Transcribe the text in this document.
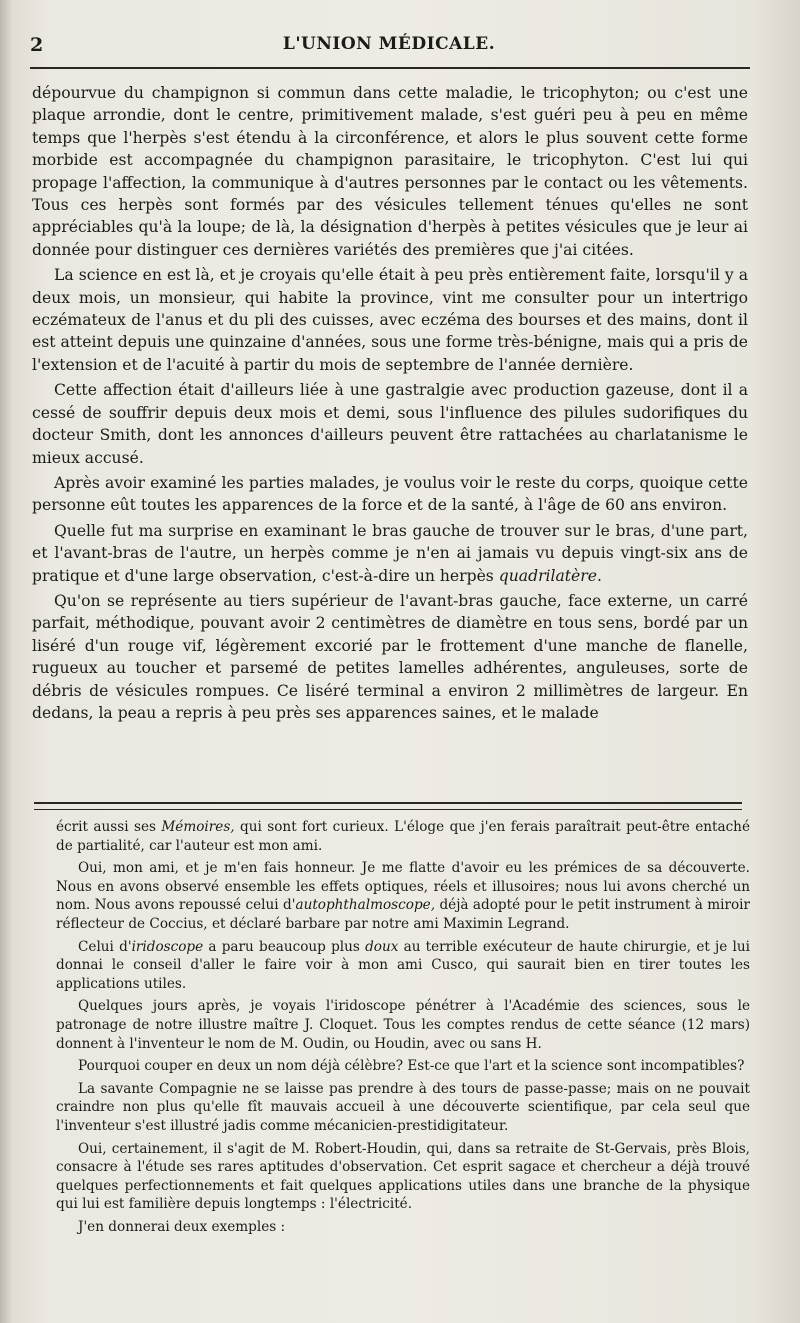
2	L'UNION MÉDICALE.

dépourvue du champignon si commun dans cette maladie, le tricophyton; ou c'est une plaque arrondie, dont le centre, primitivement malade, s'est guéri peu à peu en même temps que l'herpès s'est étendu à la circonférence, et alors le plus souvent cette forme morbide est accompagnée du champignon parasitaire, le tricophyton. C'est lui qui propage l'affection, la communique à d'autres personnes par le contact ou les vêtements. Tous ces herpès sont formés par des vésicules tellement ténues qu'elles ne sont appréciables qu'à la loupe; de là, la désignation d'herpès à petites vésicules que je leur ai donnée pour distinguer ces dernières variétés des premières que j'ai citées.

La science en est là, et je croyais qu'elle était à peu près entièrement faite, lorsqu'il y a deux mois, un monsieur, qui habite la province, vint me consulter pour un intertrigo eczémateux de l'anus et du pli des cuisses, avec eczéma des bourses et des mains, dont il est atteint depuis une quinzaine d'années, sous une forme très-bénigne, mais qui a pris de l'extension et de l'acuité à partir du mois de septembre de l'année dernière.

Cette affection était d'ailleurs liée à une gastralgie avec production gazeuse, dont il a cessé de souffrir depuis deux mois et demi, sous l'influence des pilules sudorifiques du docteur Smith, dont les annonces d'ailleurs peuvent être rattachées au charlatanisme le mieux accusé.

Après avoir examiné les parties malades, je voulus voir le reste du corps, quoique cette personne eût toutes les apparences de la force et de la santé, à l'âge de 60 ans environ.

Quelle fut ma surprise en examinant le bras gauche de trouver sur le bras, d'une part, et l'avant-bras de l'autre, un herpès comme je n'en ai jamais vu depuis vingt-six ans de pratique et d'une large observation, c'est-à-dire un herpès quadrilatère.

Qu'on se représente au tiers supérieur de l'avant-bras gauche, face externe, un carré parfait, méthodique, pouvant avoir 2 centimètres de diamètre en tous sens, bordé par un liséré d'un rouge vif, légèrement excorié par le frottement d'une manche de flanelle, rugueux au toucher et parsemé de petites lamelles adhérentes, anguleuses, sorte de débris de vésicules rompues. Ce liséré terminal a environ 2 millimètres de largeur. En dedans, la peau a repris à peu près ses apparences saines, et le malade

écrit aussi ses Mémoires, qui sont fort curieux. L'éloge que j'en ferais paraîtrait peut-être entaché de partialité, car l'auteur est mon ami.

Oui, mon ami, et je m'en fais honneur. Je me flatte d'avoir eu les prémices de sa découverte. Nous en avons observé ensemble les effets optiques, réels et illusoires; nous lui avons cherché un nom. Nous avons repoussé celui d'autophthalmoscope, déjà adopté pour le petit instrument à miroir réflecteur de Coccius, et déclaré barbare par notre ami Maximin Legrand.

Celui d'iridoscope a paru beaucoup plus doux au terrible exécuteur de haute chirurgie, et je lui donnai le conseil d'aller le faire voir à mon ami Cusco, qui saurait bien en tirer toutes les applications utiles.

Quelques jours après, je voyais l'iridoscope pénétrer à l'Académie des sciences, sous le patronage de notre illustre maître J. Cloquet. Tous les comptes rendus de cette séance (12 mars) donnent à l'inventeur le nom de M. Oudin, ou Houdin, avec ou sans H.

Pourquoi couper en deux un nom déjà célèbre? Est-ce que l'art et la science sont incompatibles?

La savante Compagnie ne se laisse pas prendre à des tours de passe-passe; mais on ne pouvait craindre non plus qu'elle fît mauvais accueil à une découverte scientifique, par cela seul que l'inventeur s'est illustré jadis comme mécanicien-prestidigitateur.

Oui, certainement, il s'agit de M. Robert-Houdin, qui, dans sa retraite de St-Gervais, près Blois, consacre à l'étude ses rares aptitudes d'observation. Cet esprit sagace et chercheur a déjà trouvé quelques perfectionnements et fait quelques applications utiles dans une branche de la physique qui lui est familière depuis longtemps : l'électricité.

J'en donnerai deux exemples :
